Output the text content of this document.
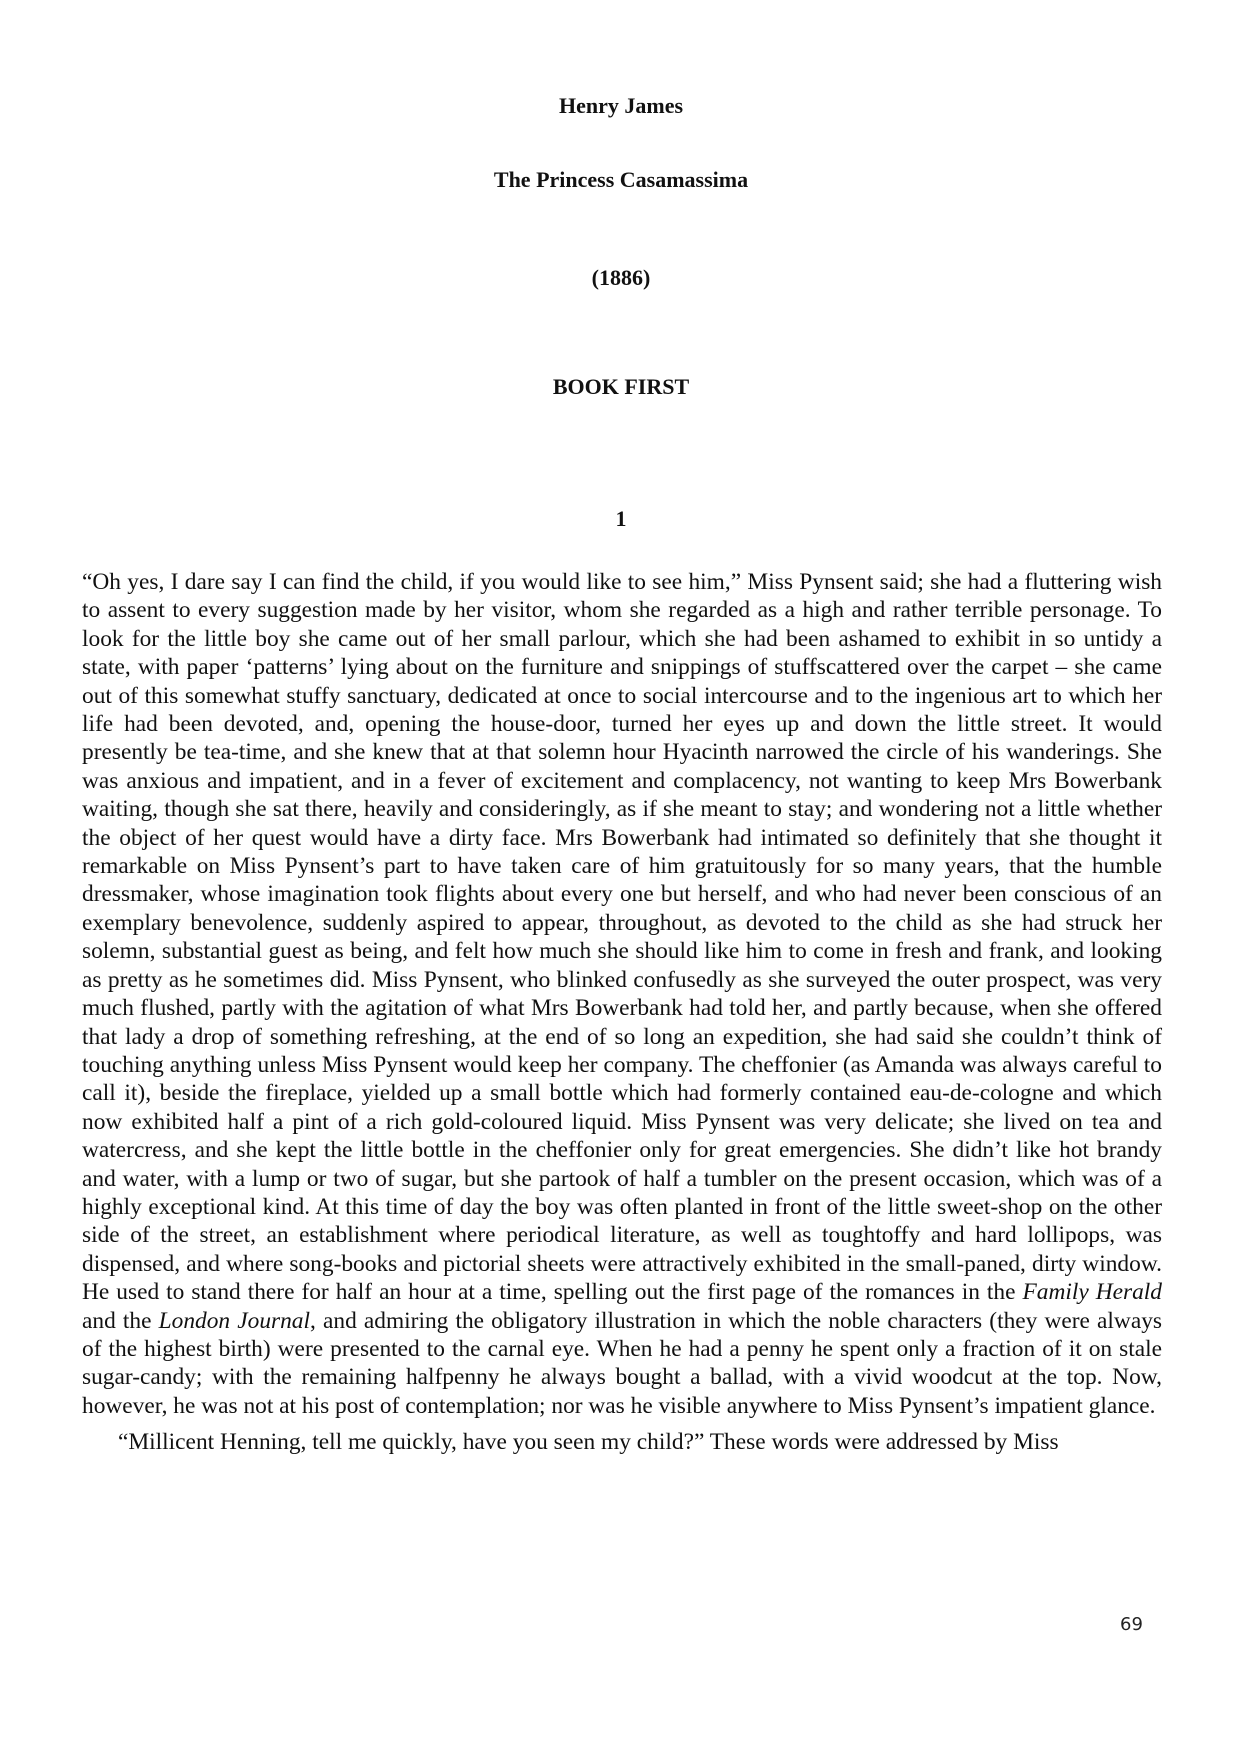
Henry James
The Princess Casamassima
(1886)
BOOK FIRST
1

“Oh yes, I dare say I can find the child, if you would like to see him,” Miss Pynsent said; she had a fluttering wish to assent to every suggestion made by her visitor, whom she regarded as a high and rather terrible personage. To look for the little boy she came out of her small parlour, which she had been ashamed to exhibit in so untidy a state, with paper ‘patterns’ lying about on the furniture and snippings of stuffscattered over the carpet – she came out of this somewhat stuffy sanctuary, dedicated at once to social intercourse and to the ingenious art to which her life had been devoted, and, opening the house-door, turned her eyes up and down the little street. It would presently be tea-time, and she knew that at that solemn hour Hyacinth narrowed the circle of his wanderings. She was anxious and impatient, and in a fever of excitement and complacency, not wanting to keep Mrs Bowerbank waiting, though she sat there, heavily and consideringly, as if she meant to stay; and wondering not a little whether the object of her quest would have a dirty face. Mrs Bowerbank had intimated so definitely that she thought it remarkable on Miss Pynsent’s part to have taken care of him gratuitously for so many years, that the humble dressmaker, whose imagination took flights about every one but herself, and who had never been conscious of an exemplary benevolence, suddenly aspired to appear, throughout, as devoted to the child as she had struck her solemn, substantial guest as being, and felt how much she should like him to come in fresh and frank, and looking as pretty as he sometimes did. Miss Pynsent, who blinked confusedly as she surveyed the outer prospect, was very much flushed, partly with the agitation of what Mrs Bowerbank had told her, and partly because, when she offered that lady a drop of something refreshing, at the end of so long an expedition, she had said she couldn’t think of touching anything unless Miss Pynsent would keep her company. The cheffonier (as Amanda was always careful to call it), beside the fireplace, yielded up a small bottle which had formerly contained eau-de-cologne and which now exhibited half a pint of a rich gold-coloured liquid. Miss Pynsent was very delicate; she lived on tea and watercress, and she kept the little bottle in the cheffonier only for great emergencies. She didn’t like hot brandy and water, with a lump or two of sugar, but she partook of half a tumbler on the present occasion, which was of a highly exceptional kind. At this time of day the boy was often planted in front of the little sweet-shop on the other side of the street, an establishment where periodical literature, as well as toughtoffy and hard lollipops, was dispensed, and where song-books and pictorial sheets were attractively exhibited in the small-paned, dirty window. He used to stand there for half an hour at a time, spelling out the first page of the romances in the Family Herald and the London Journal, and admiring the obligatory illustration in which the noble characters (they were always of the highest birth) were presented to the carnal eye. When he had a penny he spent only a fraction of it on stale sugar-candy; with the remaining halfpenny he always bought a ballad, with a vivid woodcut at the top. Now, however, he was not at his post of contemplation; nor was he visible anywhere to Miss Pynsent’s impatient glance.

“Millicent Henning, tell me quickly, have you seen my child?” These words were addressed by Miss

69
